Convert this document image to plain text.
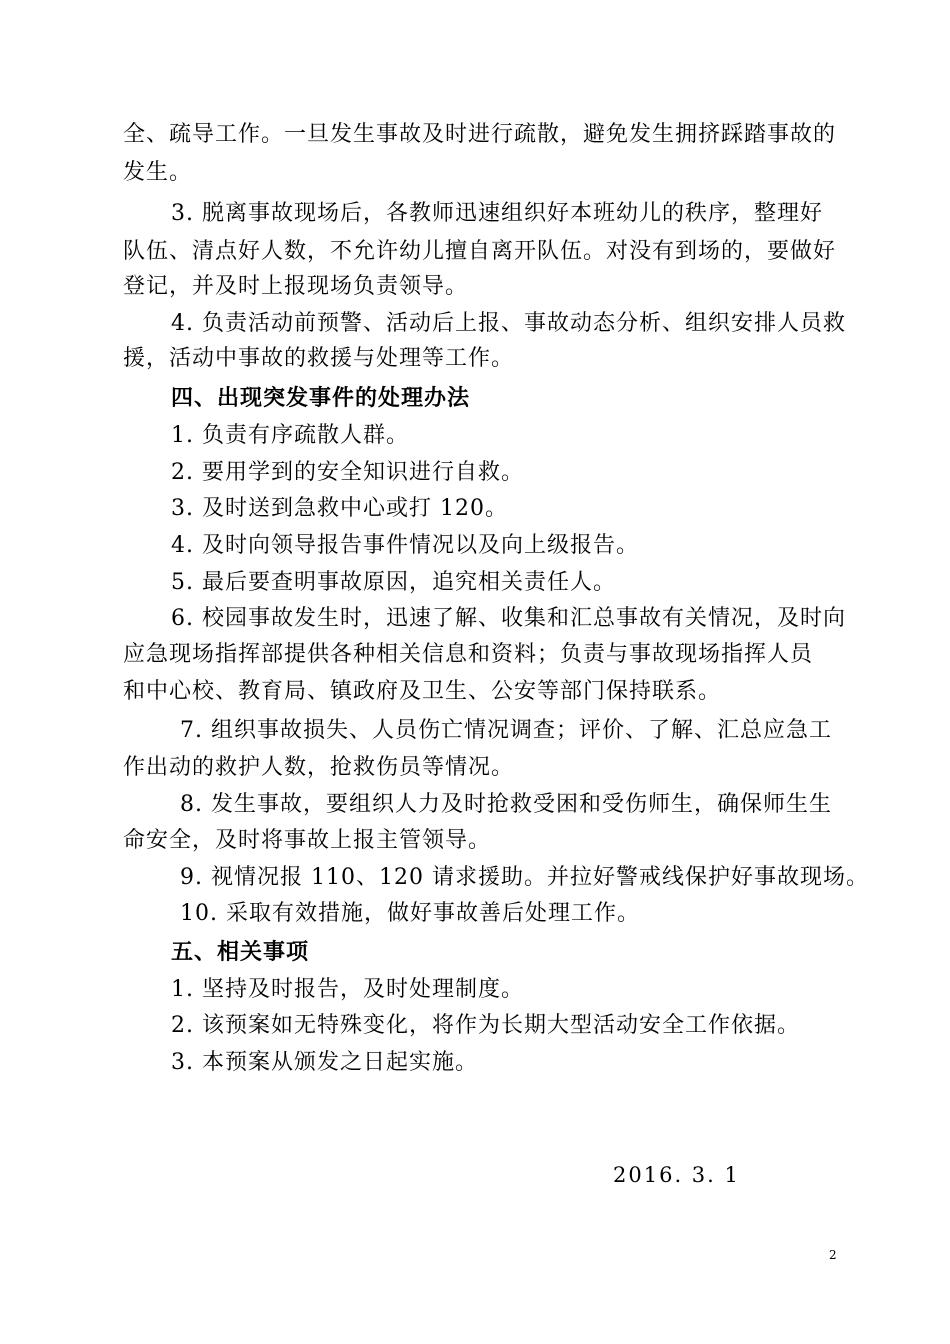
全、疏导工作。一旦发生事故及时进行疏散，避免发生拥挤踩踏事故的
发生。
3. 脱离事故现场后，各教师迅速组织好本班幼儿的秩序，整理好
队伍、清点好人数，不允许幼儿擅自离开队伍。对没有到场的，要做好
登记，并及时上报现场负责领导。
4. 负责活动前预警、活动后上报、事故动态分析、组织安排人员救
援，活动中事故的救援与处理等工作。
四、出现突发事件的处理办法
1. 负责有序疏散人群。
2. 要用学到的安全知识进行自救。
3. 及时送到急救中心或打 120。
4. 及时向领导报告事件情况以及向上级报告。
5. 最后要查明事故原因，追究相关责任人。
6. 校园事故发生时，迅速了解、收集和汇总事故有关情况，及时向
应急现场指挥部提供各种相关信息和资料；负责与事故现场指挥人员
和中心校、教育局、镇政府及卫生、公安等部门保持联系。
7. 组织事故损失、人员伤亡情况调查；评价、了解、汇总应急工
作出动的救护人数，抢救伤员等情况。
8. 发生事故，要组织人力及时抢救受困和受伤师生，确保师生生
命安全，及时将事故上报主管领导。
9. 视情况报 110、120 请求援助。并拉好警戒线保护好事故现场。
10. 采取有效措施，做好事故善后处理工作。
五、相关事项
1. 坚持及时报告，及时处理制度。
2. 该预案如无特殊变化，将作为长期大型活动安全工作依据。
3. 本预案从颁发之日起实施。
2016. 3. 1
2
